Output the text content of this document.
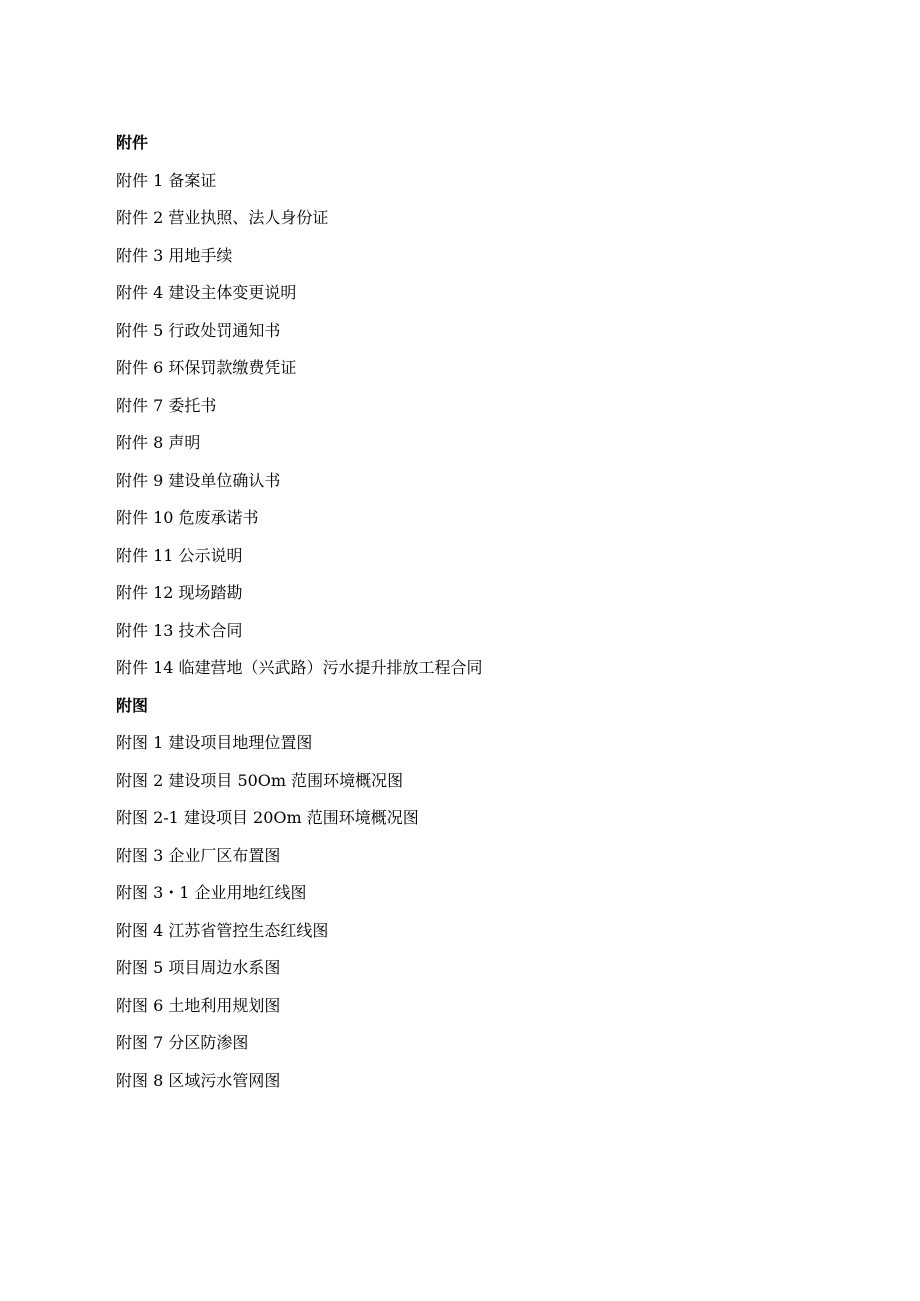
附件
附件 1 备案证
附件 2 营业执照、法人身份证
附件 3 用地手续
附件 4 建设主体变更说明
附件 5 行政处罚通知书
附件 6 环保罚款缴费凭证
附件 7 委托书
附件 8 声明
附件 9 建设单位确认书
附件 10 危废承诺书
附件 11 公示说明
附件 12 现场踏勘
附件 13 技术合同
附件 14 临建营地（兴武路）污水提升排放工程合同
附图
附图 1 建设项目地理位置图
附图 2 建设项目 50Om 范围环境概况图
附图 2-1 建设项目 20Om 范围环境概况图
附图 3 企业厂区布置图
附图 3・1 企业用地红线图
附图 4 江苏省管控生态红线图
附图 5 项目周边水系图
附图 6 土地利用规划图
附图 7 分区防渗图
附图 8 区域污水管网图
